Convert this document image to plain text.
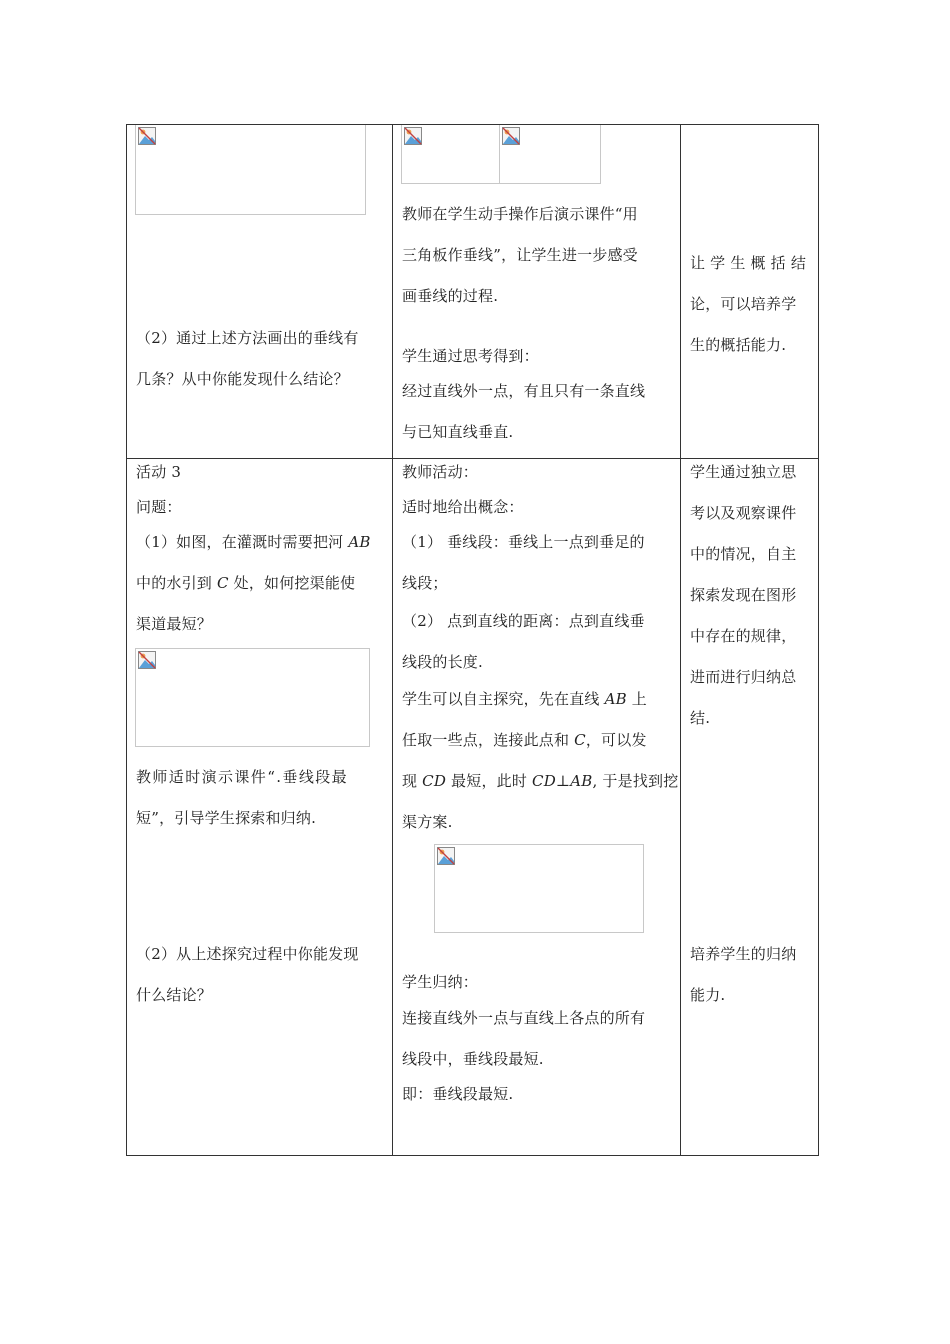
（2）通过上述方法画出的垂线有
几条？从中你能发现什么结论？
教师在学生动手操作后演示课件“用
三角板作垂线”，让学生进一步感受
画垂线的过程.
学生通过思考得到：
经过直线外一点，有且只有一条直线
与已知直线垂直.
让 学 生 概 括 结
论，可以培养学
生的概括能力.
活动 3
问题：
（1）如图，在灌溉时需要把河 AB
中的水引到 C 处，如何挖渠能使
渠道最短？
教师适时演示课件“.垂线段最
短”，引导学生探索和归纳.
（2）从上述探究过程中你能发现
什么结论？
教师活动：
适时地给出概念：
（1） 垂线段：垂线上一点到垂足的
线段；
（2） 点到直线的距离：点到直线垂
线段的长度.
学生可以自主探究，先在直线 AB 上
任取一些点，连接此点和 C，可以发
现 CD 最短，此时 CD⊥AB, 于是找到挖
渠方案.
学生归纳：
连接直线外一点与直线上各点的所有
线段中，垂线段最短.
即：垂线段最短.
学生通过独立思
考以及观察课件
中的情况，自主
探索发现在图形
中存在的规律，
进而进行归纳总
结.
培养学生的归纳
能力.
